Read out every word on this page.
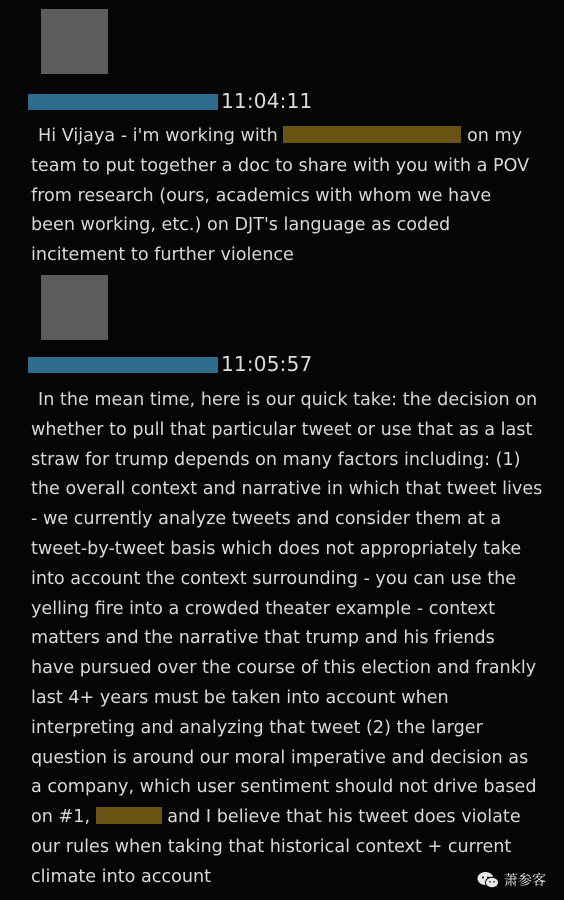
11:04:11
Hi Vijaya - i'm working with	on my
team to put together a doc to share with you with a POV
from research (ours, academics with whom we have
been working, etc.) on DJT's language as coded
incitement to further violence
11:05:57
In the mean time, here is our quick take: the decision on
whether to pull that particular tweet or use that as a last
straw for trump depends on many factors including: (1)
the overall context and narrative in which that tweet lives
- we currently analyze tweets and consider them at a
tweet-by-tweet basis which does not appropriately take
into account the context surrounding - you can use the
yelling fire into a crowded theater example - context
matters and the narrative that trump and his friends
have pursued over the course of this election and frankly
last 4+ years must be taken into account when
interpreting and analyzing that tweet (2) the larger
question is around our moral imperative and decision as
a company, which user sentiment should not drive based
on #1,	and I believe that his tweet does violate
our rules when taking that historical context + current
climate into account	萧参客
